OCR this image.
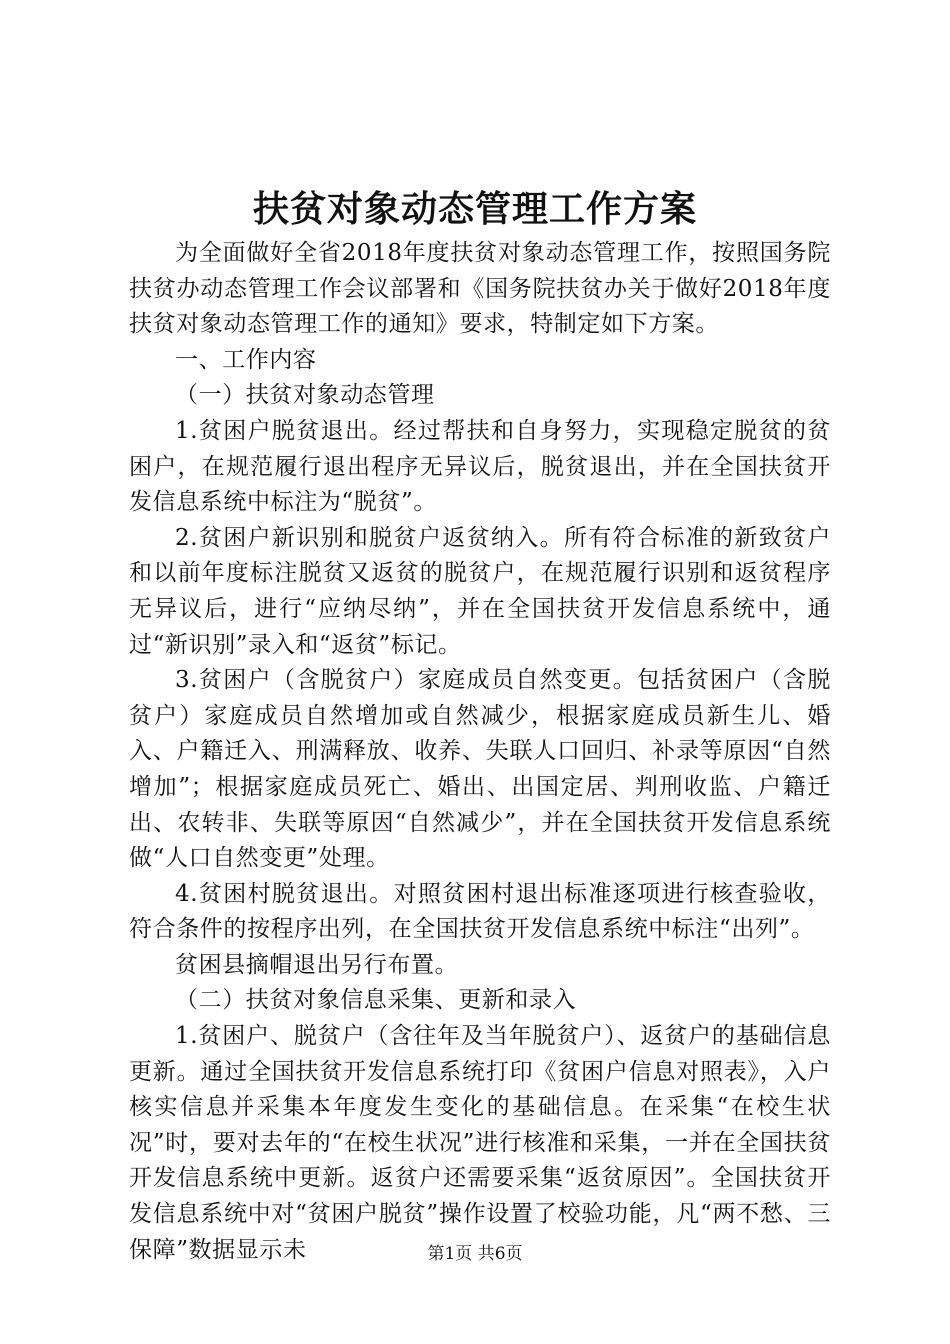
扶贫对象动态管理工作方案

为全面做好全省2018年度扶贫对象动态管理工作，按照国务院扶贫办动态管理工作会议部署和《国务院扶贫办关于做好2018年度扶贫对象动态管理工作的通知》要求，特制定如下方案。

一、工作内容

（一）扶贫对象动态管理

1.贫困户脱贫退出。经过帮扶和自身努力，实现稳定脱贫的贫困户，在规范履行退出程序无异议后，脱贫退出，并在全国扶贫开发信息系统中标注为“脱贫”。

2.贫困户新识别和脱贫户返贫纳入。所有符合标准的新致贫户和以前年度标注脱贫又返贫的脱贫户，在规范履行识别和返贫程序无异议后，进行“应纳尽纳”，并在全国扶贫开发信息系统中，通过“新识别”录入和“返贫”标记。

3.贫困户（含脱贫户）家庭成员自然变更。包括贫困户（含脱贫户）家庭成员自然增加或自然减少，根据家庭成员新生儿、婚入、户籍迁入、刑满释放、收养、失联人口回归、补录等原因“自然增加”；根据家庭成员死亡、婚出、出国定居、判刑收监、户籍迁出、农转非、失联等原因“自然减少”，并在全国扶贫开发信息系统做“人口自然变更”处理。

4.贫困村脱贫退出。对照贫困村退出标准逐项进行核查验收，符合条件的按程序出列，在全国扶贫开发信息系统中标注“出列”。

贫困县摘帽退出另行布置。

（二）扶贫对象信息采集、更新和录入

1.贫困户、脱贫户（含往年及当年脱贫户）、返贫户的基础信息更新。通过全国扶贫开发信息系统打印《贫困户信息对照表》，入户核实信息并采集本年度发生变化的基础信息。在采集“在校生状况”时，要对去年的“在校生状况”进行核准和采集，一并在全国扶贫开发信息系统中更新。返贫户还需要采集“返贫原因”。全国扶贫开发信息系统中对“贫困户脱贫”操作设置了校验功能，凡“两不愁、三保障”数据显示未	第1页 共6页
